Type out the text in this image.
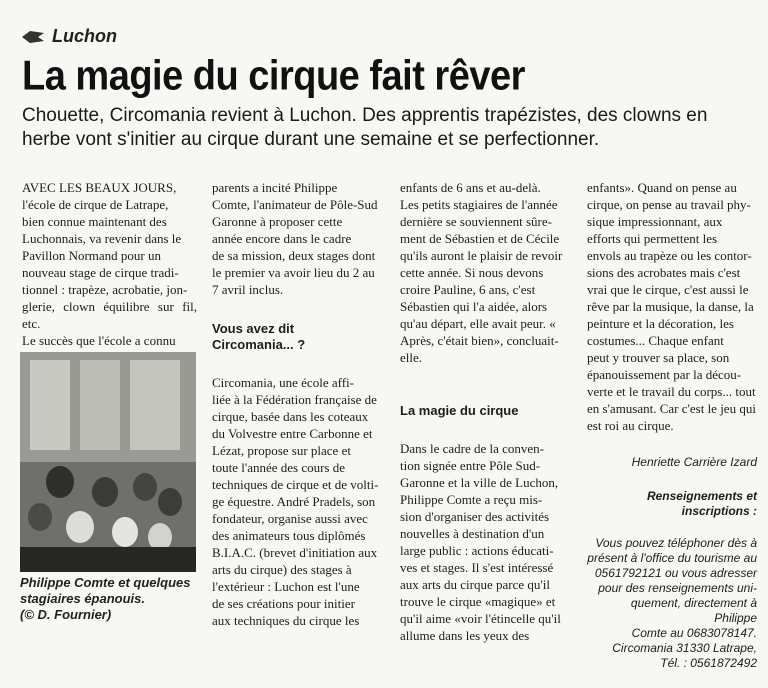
Luchon
La magie du cirque fait rêver
Chouette, Circomania revient à Luchon. Des apprentis trapézistes, des clowns en herbe vont s'initier au cirque durant une semaine et se perfectionner.

AVEC LES BEAUX JOURS,
l'école de cirque de Latrape,
bien connue maintenant des
Luchonnais, va revenir dans le
Pavillon Normand pour un
nouveau stage de cirque tradi-
tionnel : trapèze, acrobatie, jon-
glerie, clown équilibre sur fil, etc.
Le succès que l'école a connu

Philippe Comte et quelques stagiaires épanouis.
(© D. Fournier)

parents a incité Philippe
Comte, l'animateur de Pôle-Sud
Garonne à proposer cette
année encore dans le cadre
de sa mission, deux stages dont
le premier va avoir lieu du 2 au
7 avril inclus.

Vous avez dit
Circomania... ?

Circomania, une école affi-
liée à la Fédération française de
cirque, basée dans les coteaux
du Volvestre entre Carbonne et
Lézat, propose sur place et
toute l'année des cours de
techniques de cirque et de volti-
ge équestre. André Pradels, son
fondateur, organise aussi avec
des animateurs tous diplômés
B.I.A.C. (brevet d'initiation aux
arts du cirque) des stages à
l'extérieur : Luchon est l'une
de ses créations pour initier
aux techniques du cirque les

enfants de 6 ans et au-delà.
Les petits stagiaires de l'année
dernière se souviennent sûre-
ment de Sébastien et de Cécile
qu'ils auront le plaisir de revoir
cette année. Si nous devons
croire Pauline, 6 ans, c'est
Sébastien qui l'a aidée, alors
qu'au départ, elle avait peur. «
Après, c'était bien», concluait-
elle.

La magie du cirque

Dans le cadre de la conven-
tion signée entre Pôle Sud-
Garonne et la ville de Luchon,
Philippe Comte a reçu mis-
sion d'organiser des activités
nouvelles à destination d'un
large public : actions éducati-
ves et stages. Il s'est intéressé
aux arts du cirque parce qu'il
trouve le cirque «magique» et
qu'il aime «voir l'étincelle qu'il
allume dans les yeux des

enfants». Quand on pense au
cirque, on pense au travail phy-
sique impressionnant, aux
efforts qui permettent les
envols au trapèze ou les contor-
sions des acrobates mais c'est
vrai que le cirque, c'est aussi le
rêve par la musique, la danse, la
peinture et la décoration, les
costumes... Chaque enfant
peut y trouver sa place, son
épanouissement par la décou-
verte et le travail du corps... tout
en s'amusant. Car c'est le jeu qui
est roi au cirque.

Henriette Carrière Izard

Renseignements et inscriptions :

Vous pouvez téléphoner dès à
présent à l'office du tourisme au
0561792121 ou vous adresser
pour des renseignements uni-
quement, directement à Philippe
Comte au 0683078147.
Circomania 31330 Latrape,
Tél. : 0561872492
